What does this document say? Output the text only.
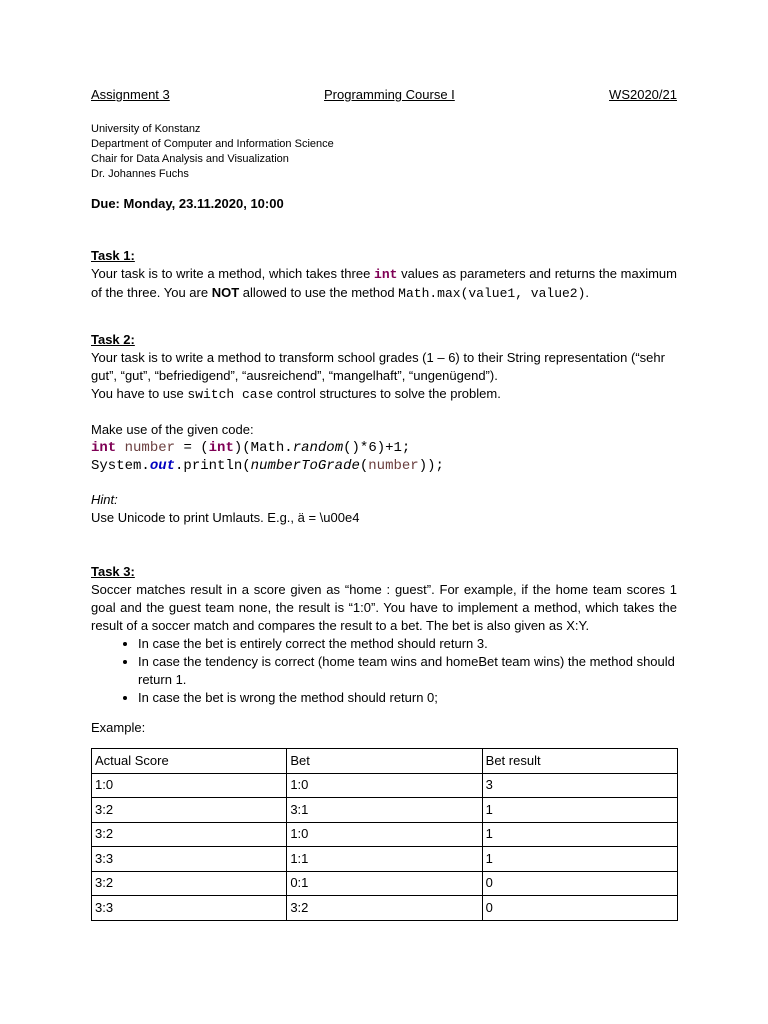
Assignment 3	Programming Course I	WS2020/21
University of Konstanz
Department of Computer and Information Science
Chair for Data Analysis and Visualization
Dr. Johannes Fuchs
Due: Monday, 23.11.2020, 10:00
Task 1:

Your task is to write a method, which takes three int values as parameters and returns the maximum of the three. You are NOT allowed to use the method Math.max(value1, value2).

Task 2:

Your task is to write a method to transform school grades (1 – 6) to their String representation (“sehr gut”, “gut”, “befriedigend”, “ausreichend”, “mangelhaft”, “ungenügend”).

You have to use switch case control structures to solve the problem.

Make use of the given code:

int number = (int)(Math.random()*6)+1;
System.out.println(numberToGrade(number));

Hint:

Use Unicode to print Umlauts. E.g., ä = \u00e4

Task 3:

Soccer matches result in a score given as “home : guest”. For example, if the home team scores 1 goal and the guest team none, the result is “1:0”. You have to implement a method, which takes the result of a soccer match and compares the result to a bet. The bet is also given as X:Y.

• In case the bet is entirely correct the method should return 3.
• In case the tendency is correct (home team wins and homeBet team wins) the method should return 1.
• In case the bet is wrong the method should return 0;

Example:

Actual Score	Bet	Bet result
1:0	1:0	3
3:2	3:1	1
3:2	1:0	1
3:3	1:1	1
3:2	0:1	0
3:3	3:2	0
